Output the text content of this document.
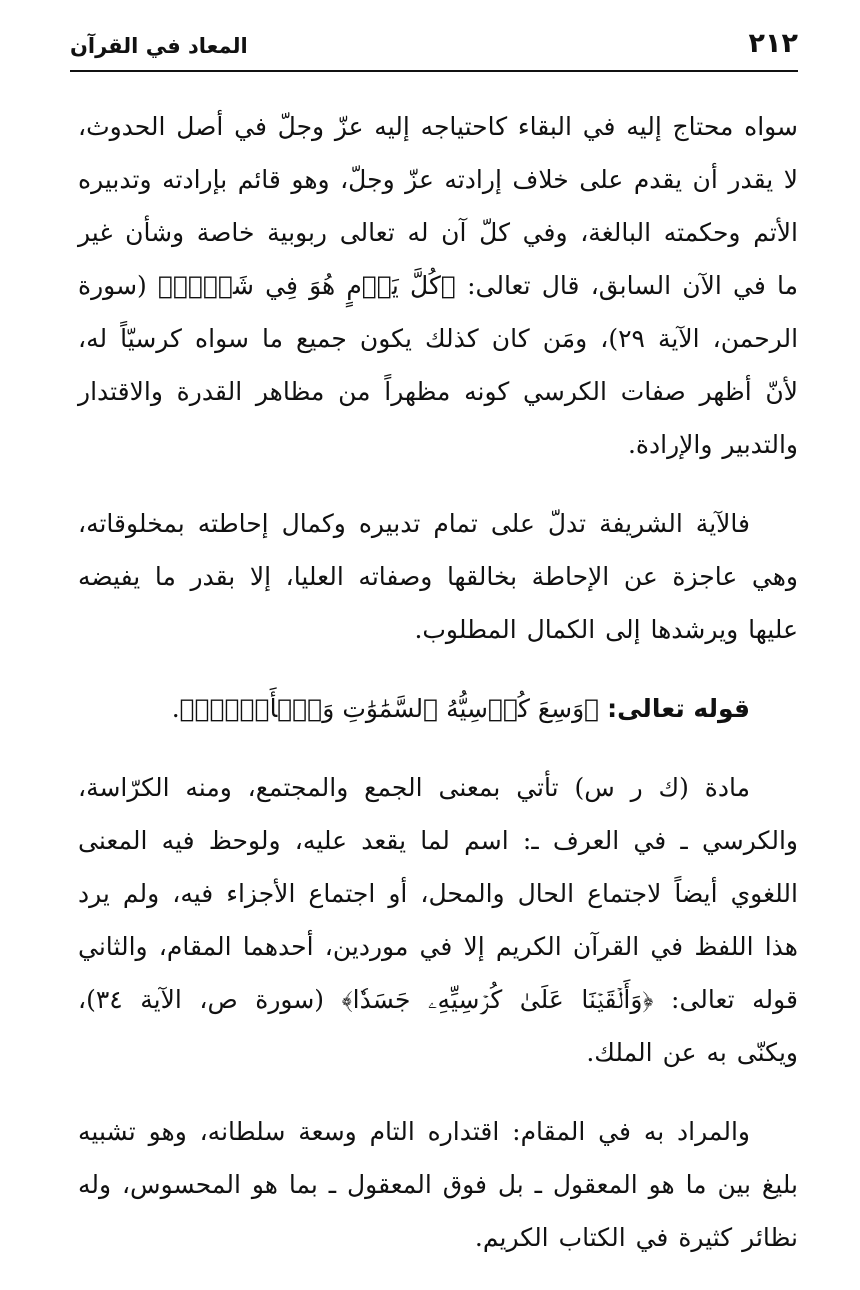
٢١٢
المعاد في القرآن

سواه محتاج إليه في البقاء كاحتياجه إليه عزّ وجلّ في أصل الحدوث، لا يقدر أن يقدم على خلاف إرادته عزّ وجلّ، وهو قائم بإرادته وتدبيره الأتم وحكمته البالغة، وفي كلّ آن له تعالى ربوبية خاصة وشأن غير ما في الآن السابق، قال تعالى: ﴿كُلَّ يَوۡمٍ هُوَ فِي شَأۡنٖ﴾ (سورة الرحمن، الآية ٢٩)، ومَن كان كذلك يكون جميع ما سواه كرسيّاً له، لأنّ أظهر صفات الكرسي كونه مظهراً من مظاهر القدرة والاقتدار والتدبير والإرادة.

فالآية الشريفة تدلّ على تمام تدبيره وكمال إحاطته بمخلوقاته، وهي عاجزة عن الإحاطة بخالقها وصفاته العليا، إلا بقدر ما يفيضه عليها ويرشدها إلى الكمال المطلوب.

قوله تعالى: ﴿وَسِعَ كُرۡسِيُّهُ ٱلسَّمَٰوَٰتِ وَٱلۡأَرۡضَۖ﴾.

مادة (ك ر س) تأتي بمعنى الجمع والمجتمع، ومنه الكرّاسة، والكرسي ـ في العرف ـ: اسم لما يقعد عليه، ولوحظ فيه المعنى اللغوي أيضاً لاجتماع الحال والمحل، أو اجتماع الأجزاء فيه، ولم يرد هذا اللفظ في القرآن الكريم إلا في موردين، أحدهما المقام، والثاني قوله تعالى: ﴿وَأَلۡقَيۡنَا عَلَىٰ كُرۡسِيِّهِۦ جَسَدٗا﴾ (سورة ص، الآية ٣٤)، ويكنّى به عن الملك.

والمراد به في المقام: اقتداره التام وسعة سلطانه، وهو تشبيه بليغ بين ما هو المعقول ـ بل فوق المعقول ـ بما هو المحسوس، وله نظائر كثيرة في الكتاب الكريم.
